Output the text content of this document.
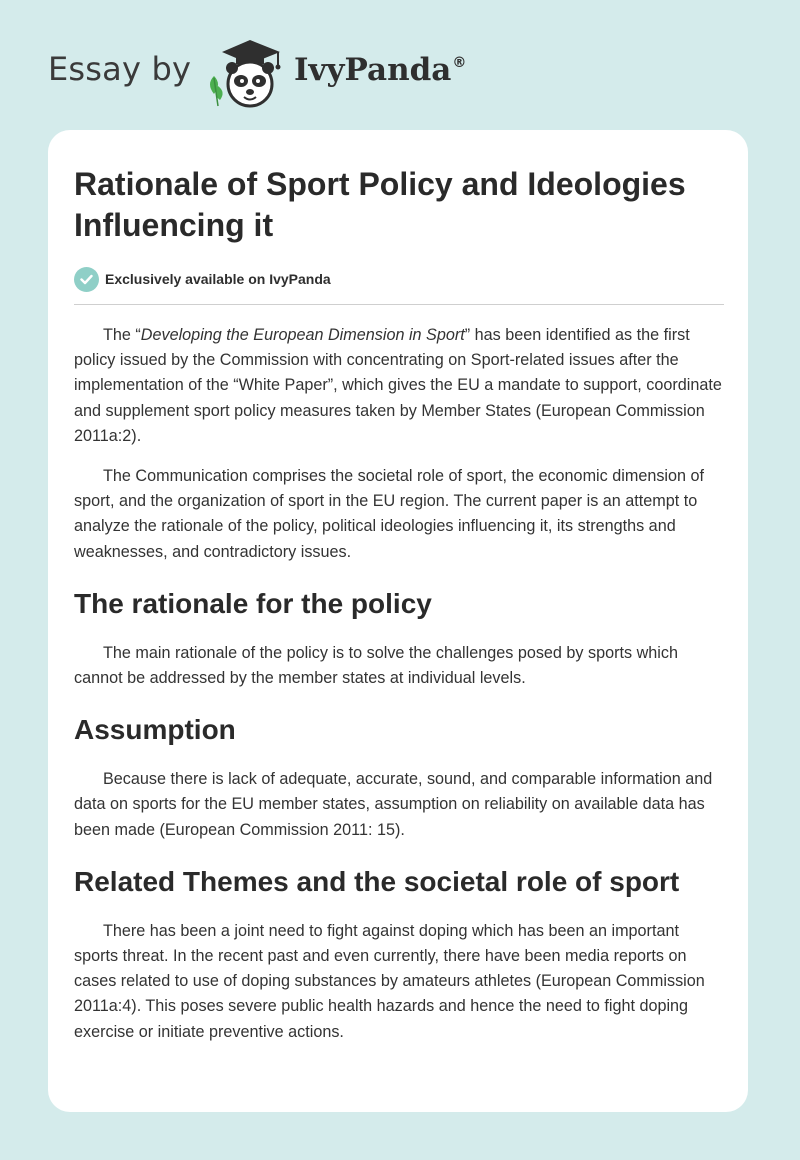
Essay by	IvyPanda®
Rationale of Sport Policy and Ideologies Influencing it
Exclusively available on IvyPanda

The “Developing the European Dimension in Sport” has been identified as the first policy issued by the Commission with concentrating on Sport-related issues after the implementation of the “White Paper”, which gives the EU a mandate to support, coordinate and supplement sport policy measures taken by Member States (European Commission 2011a:2).

The Communication comprises the societal role of sport, the economic dimension of sport, and the organization of sport in the EU region. The current paper is an attempt to analyze the rationale of the policy, political ideologies influencing it, its strengths and weaknesses, and contradictory issues.

The rationale for the policy

The main rationale of the policy is to solve the challenges posed by sports which cannot be addressed by the member states at individual levels.

Assumption

Because there is lack of adequate, accurate, sound, and comparable information and data on sports for the EU member states, assumption on reliability on available data has been made (European Commission 2011: 15).

Related Themes and the societal role of sport

There has been a joint need to fight against doping which has been an important sports threat. In the recent past and even currently, there have been media reports on cases related to use of doping substances by amateurs athletes (European Commission 2011a:4). This poses severe public health hazards and hence the need to fight doping exercise or initiate preventive actions.
